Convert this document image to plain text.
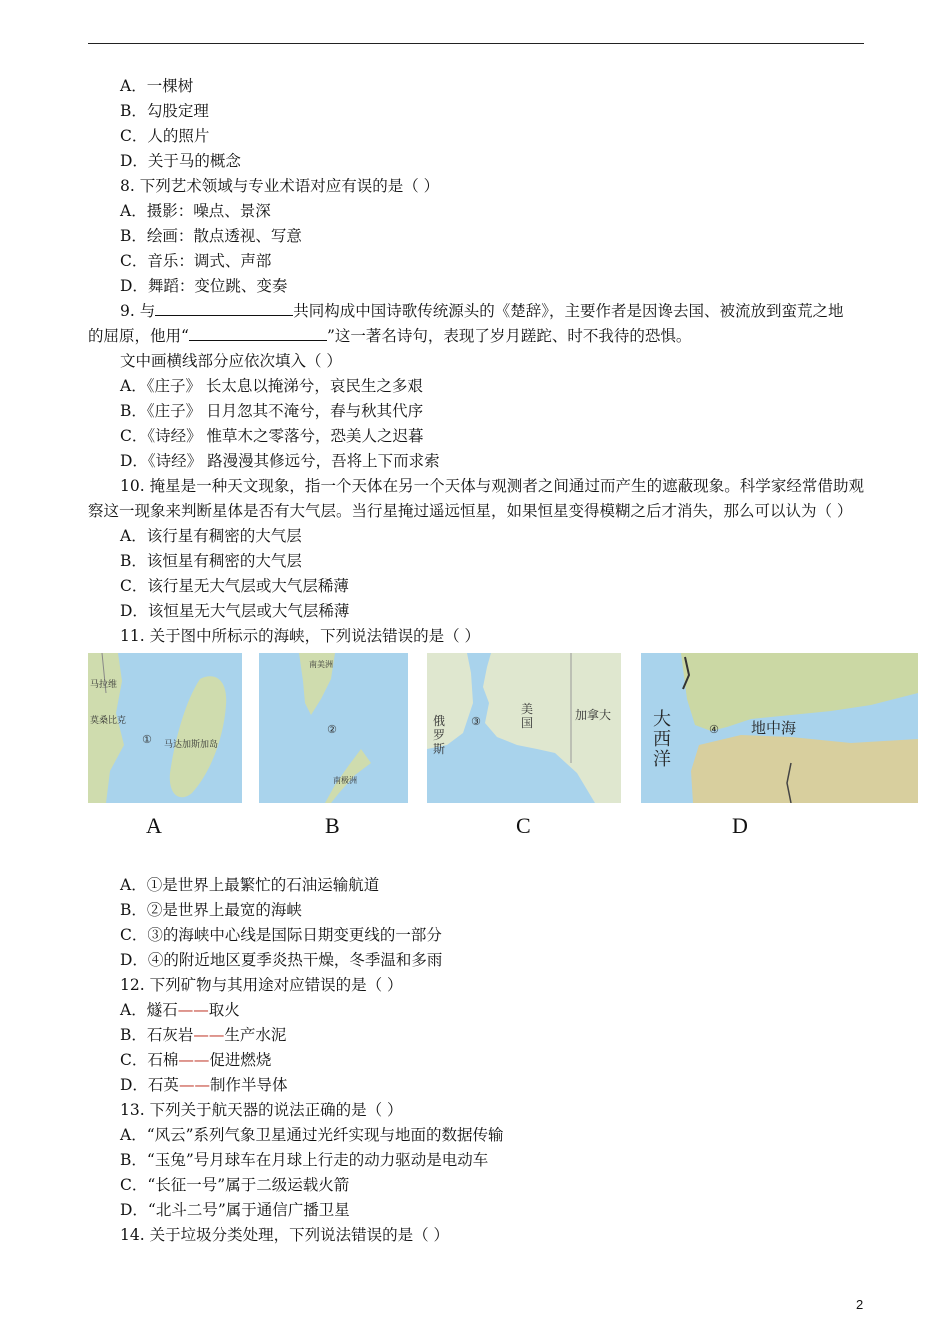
A．一棵树
B．勾股定理
C．人的照片
D．关于马的概念
8. 下列艺术领域与专业术语对应有误的是（ ）
A．摄影：噪点、景深
B．绘画：散点透视、写意
C．音乐：调式、声部
D．舞蹈：变位跳、变奏
9. 与	共同构成中国诗歌传统源头的《楚辞》，主要作者是因谗去国、被流放到蛮荒之地
的屈原，他用“	”这一著名诗句，表现了岁月蹉跎、时不我待的恐惧。
文中画横线部分应依次填入（ ）
A．《庄子》 长太息以掩涕兮，哀民生之多艰
B．《庄子》 日月忽其不淹兮，春与秋其代序
C．《诗经》 惟草木之零落兮，恐美人之迟暮
D．《诗经》 路漫漫其修远兮，吾将上下而求索
10. 掩星是一种天文现象，指一个天体在另一个天体与观测者之间通过而产生的遮蔽现象。科学家经常借助观察这一现象来判断星体是否有大气层。当行星掩过遥远恒星，如果恒星变得模糊之后才消失，那么可以认为（ ）
A．该行星有稠密的大气层
B．该恒星有稠密的大气层
C．该行星无大气层或大气层稀薄
D．该恒星无大气层或大气层稀薄
11. 关于图中所标示的海峡，下列说法错误的是（ ）
马拉维
莫桑比克
① 马达加斯加岛
南美洲
②
南极洲
俄
罗
斯
③
美
国
加拿大 大
西
洋
④ 地中海
A	B	C	D
A．①是世界上最繁忙的石油运输航道
B．②是世界上最宽的海峡
C．③的海峡中心线是国际日期变更线的一部分
D．④的附近地区夏季炎热干燥，冬季温和多雨
12. 下列矿物与其用途对应错误的是（ ）
A．燧石——取火
B．石灰岩——生产水泥
C．石棉——促进燃烧
D．石英——制作半导体
13. 下列关于航天器的说法正确的是（ ）
A．“风云”系列气象卫星通过光纤实现与地面的数据传输
B．“玉兔”号月球车在月球上行走的动力驱动是电动车
C．“长征一号”属于二级运载火箭
D．“北斗二号”属于通信广播卫星
14. 关于垃圾分类处理，下列说法错误的是（ ）
2
